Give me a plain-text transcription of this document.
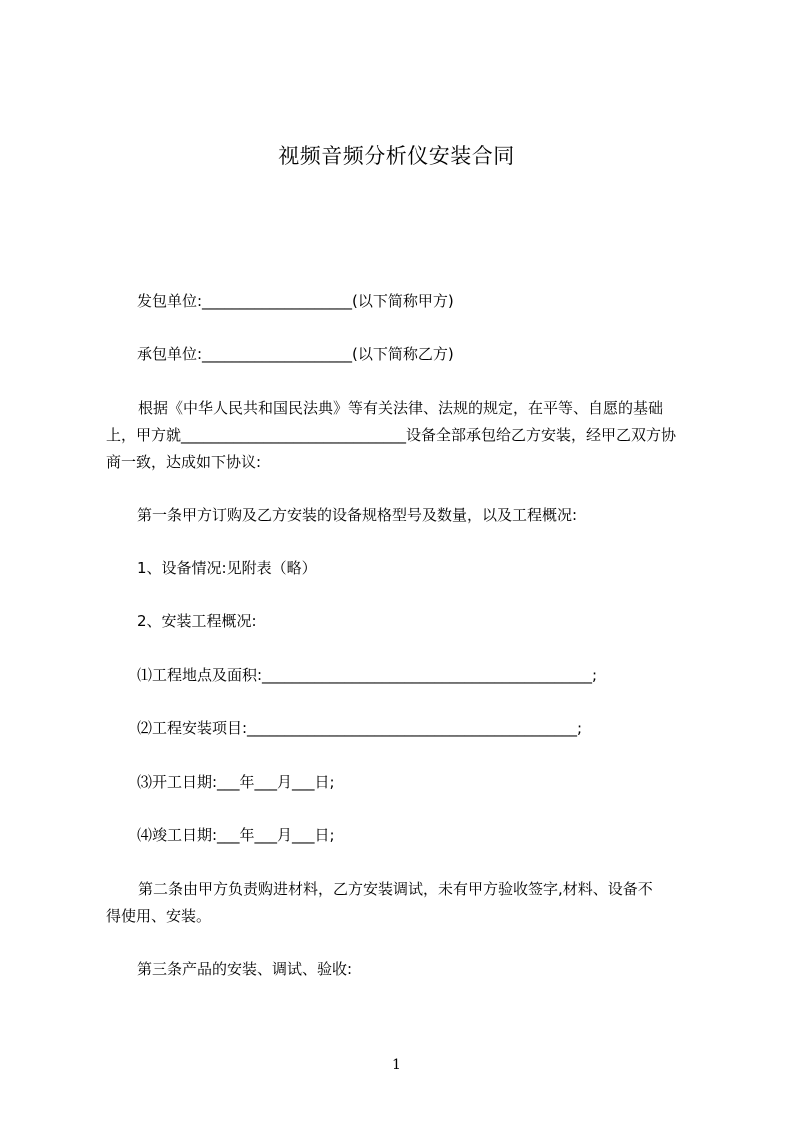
视频音频分析仪安装合同
发包单位:____________________(以下简称甲方)
承包单位:____________________(以下简称乙方)
根据《中华人民共和国民法典》等有关法律、法规的规定，在平等、自愿的基础
上，甲方就______________________________设备全部承包给乙方安装，经甲乙双方协
商一致，达成如下协议:
第一条甲方订购及乙方安装的设备规格型号及数量，以及工程概况:
1、设备情况:见附表（略）
2、安装工程概况:
⑴工程地点及面积:____________________________________________;
⑵工程安装项目:____________________________________________;
⑶开工日期:___年___月___日;
⑷竣工日期:___年___月___日;
第二条由甲方负责购进材料，乙方安装调试，未有甲方验收签字,材料、设备不
得使用、安装。
第三条产品的安装、调试、验收:
1
